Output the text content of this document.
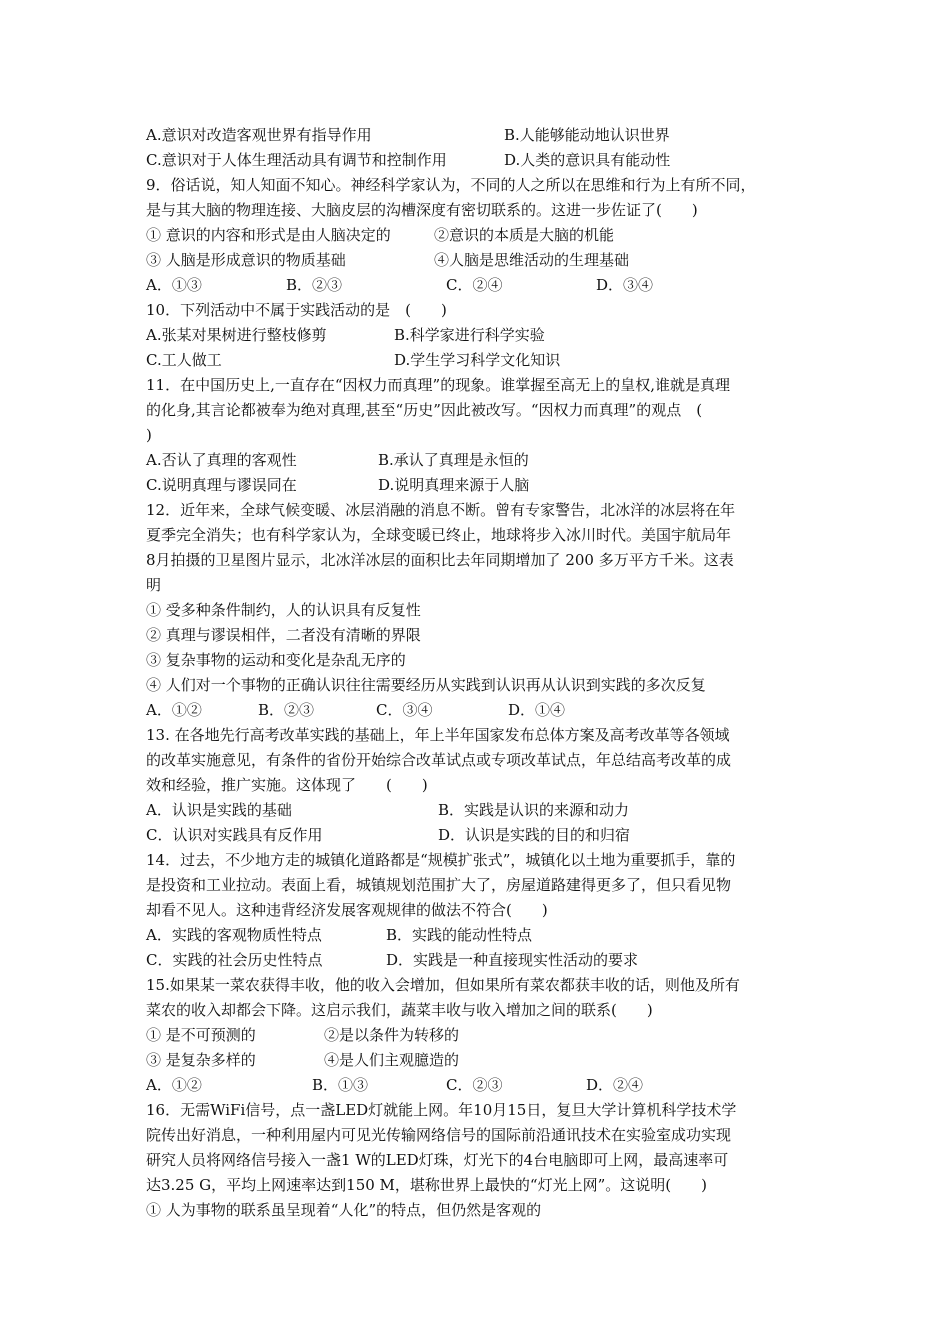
A.意识对改造客观世界有指导作用	B.人能够能动地认识世界
C.意识对于人体生理活动具有调节和控制作用	D.人类的意识具有能动性
9．俗话说，知人知面不知心。神经科学家认为，不同的人之所以在思维和行为上有所不同，
是与其大脑的物理连接、大脑皮层的沟槽深度有密切联系的。这进一步佐证了(　　)
① 意识的内容和形式是由人脑决定的	②意识的本质是大脑的机能
③ 人脑是形成意识的物质基础	④人脑是思维活动的生理基础
A．①③	B．②③	C．②④	D．③④
10．下列活动中不属于实践活动的是　(　　)
A.张某对果树进行整枝修剪	B.科学家进行科学实验
C.工人做工	D.学生学习科学文化知识
11．在中国历史上,一直存在“因权力而真理”的现象。谁掌握至高无上的皇权,谁就是真理
的化身,其言论都被奉为绝对真理,甚至“历史”因此被改写。“因权力而真理”的观点　(
)
A.否认了真理的客观性	B.承认了真理是永恒的
C.说明真理与谬误同在	D.说明真理来源于人脑
12．近年来，全球气候变暖、冰层消融的消息不断。曾有专家警告，北冰洋的冰层将在年
夏季完全消失；也有科学家认为，全球变暖已终止，地球将步入冰川时代。美国宇航局年
8月拍摄的卫星图片显示，北冰洋冰层的面积比去年同期增加了 200 多万平方千米。这表
明
① 受多种条件制约，人的认识具有反复性
② 真理与谬误相伴，二者没有清晰的界限
③ 复杂事物的运动和变化是杂乱无序的
④ 人们对一个事物的正确认识往往需要经历从实践到认识再从认识到实践的多次反复
A．①②	B．②③	C．③④	D．①④
13. 在各地先行高考改革实践的基础上，年上半年国家发布总体方案及高考改革等各领域
的改革实施意见，有条件的省份开始综合改革试点或专项改革试点，年总结高考改革的成
效和经验，推广实施。这体现了　　(　　)
A．认识是实践的基础	B．实践是认识的来源和动力
C．认识对实践具有反作用	D．认识是实践的目的和归宿
14．过去，不少地方走的城镇化道路都是“规模扩张式”，城镇化以土地为重要抓手，靠的
是投资和工业拉动。表面上看，城镇规划范围扩大了，房屋道路建得更多了，但只看见物
却看不见人。这种违背经济发展客观规律的做法不符合(　　)
A．实践的客观物质性特点	B．实践的能动性特点
C．实践的社会历史性特点	D．实践是一种直接现实性活动的要求
15.如果某一菜农获得丰收，他的收入会增加，但如果所有菜农都获丰收的话，则他及所有
菜农的收入却都会下降。这启示我们，蔬菜丰收与收入增加之间的联系(　　)
① 是不可预测的	②是以条件为转移的
③ 是复杂多样的	④是人们主观臆造的
A．①②	B．①③	C．②③	D．②④
16．无需WiFi信号，点一盏LED灯就能上网。年10月15日，复旦大学计算机科学技术学
院传出好消息，一种利用屋内可见光传输网络信号的国际前沿通讯技术在实验室成功实现
研究人员将网络信号接入一盏1 W的LED灯珠，灯光下的4台电脑即可上网，最高速率可
达3.25 G，平均上网速率达到150 M，堪称世界上最快的“灯光上网”。这说明(　　)
① 人为事物的联系虽呈现着“人化”的特点，但仍然是客观的
